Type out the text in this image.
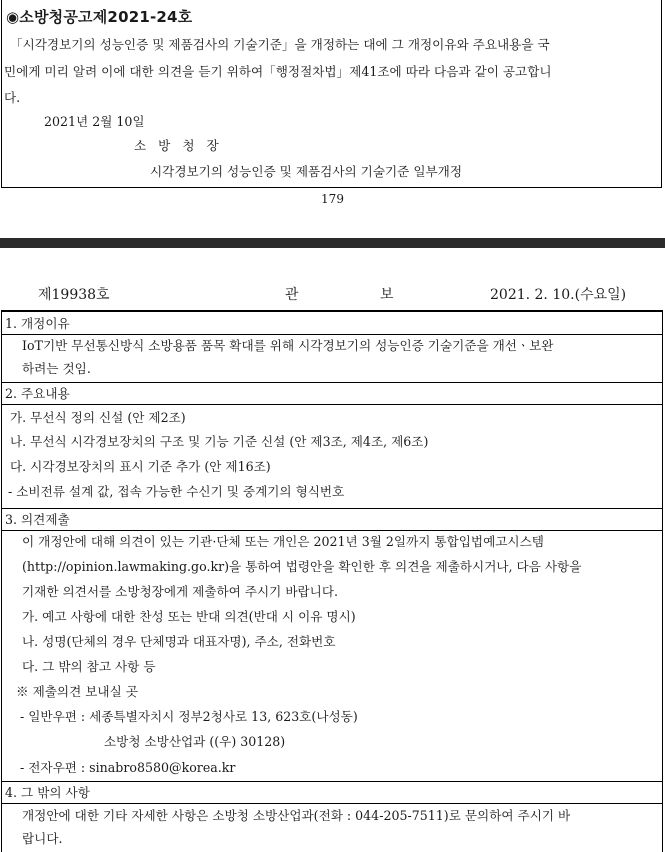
◉소방청공고제2021-24호
「시각경보기의 성능인증 및 제품검사의 기술기준」을 개정하는 대에 그 개정이유와 주요내용을 국
민에게 미리 알려 이에 대한 의견을 듣기 위하여「행정절차법」제41조에 따라 다음과 같이 공고합니
다.
2021년 2월 10일
소 방 청 장
시각경보기의 성능인증 및 제품검사의 기술기준 일부개정
179
제19938호	관	보	2021. 2. 10.(수요일)
1. 개정이유
IoT기반 무선통신방식 소방용품 품목 확대를 위해 시각경보기의 성능인증 기술기준을 개선ㆍ보완
하려는 것임.
2. 주요내용
가. 무선식 정의 신설 (안 제2조)
나. 무선식 시각경보장치의 구조 및 기능 기준 신설 (안 제3조, 제4조, 제6조)
다. 시각경보장치의 표시 기준 추가 (안 제16조)
- 소비전류 설계 값, 접속 가능한 수신기 및 중계기의 형식번호
3. 의견제출
이 개정안에 대해 의견이 있는 기관·단체 또는 개인은 2021년 3월 2일까지 통합입법예고시스템
(http://opinion.lawmaking.go.kr)을 통하여 법령안을 확인한 후 의견을 제출하시거나, 다음 사항을
기재한 의견서를 소방청장에게 제출하여 주시기 바랍니다.
가. 예고 사항에 대한 찬성 또는 반대 의견(반대 시 이유 명시)
나. 성명(단체의 경우 단체명과 대표자명), 주소, 전화번호
다. 그 밖의 참고 사항 등
※ 제출의견 보내실 곳
- 일반우편 : 세종특별자치시 정부2청사로 13, 623호(나성동)
소방청 소방산업과 ((우) 30128)
- 전자우편 : sinabro8580@korea.kr
4. 그 밖의 사항
개정안에 대한 기타 자세한 사항은 소방청 소방산업과(전화 : 044-205-7511)로 문의하여 주시기 바
랍니다.
